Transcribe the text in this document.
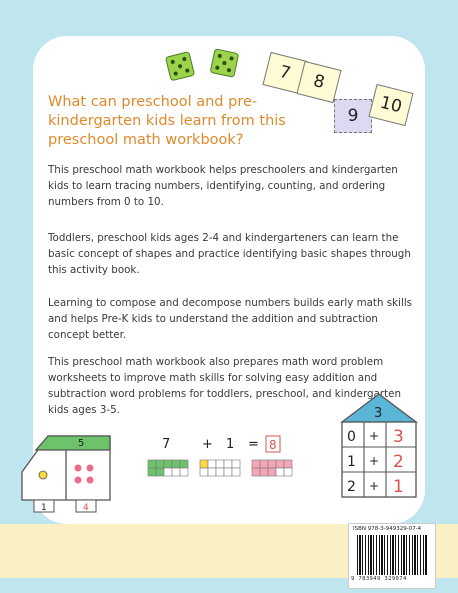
7	8
9	10
What can preschool and pre-kindergarten kids learn from this preschool math workbook?
This preschool math workbook helps preschoolers and kindergarten kids to learn tracing numbers, identifying, counting, and ordering numbers from 0 to 10.
Toddlers, preschool kids ages 2-4 and kindergarteners can learn the basic concept of shapes and practice identifying basic shapes through this activity book.
Learning to compose and decompose numbers builds early math skills and helps Pre-K kids to understand the addition and subtraction concept better.
This preschool math workbook also prepares math word problem worksheets to improve math skills for solving easy addition and subtraction word problems for toddlers, preschool, and kindergarten kids ages 3-5.
5
1	4
7 + 1 = 8
3
0 + 3
1 + 2
2 + 1
ISBN 978-3-949329-07-4
9 783949 329074
